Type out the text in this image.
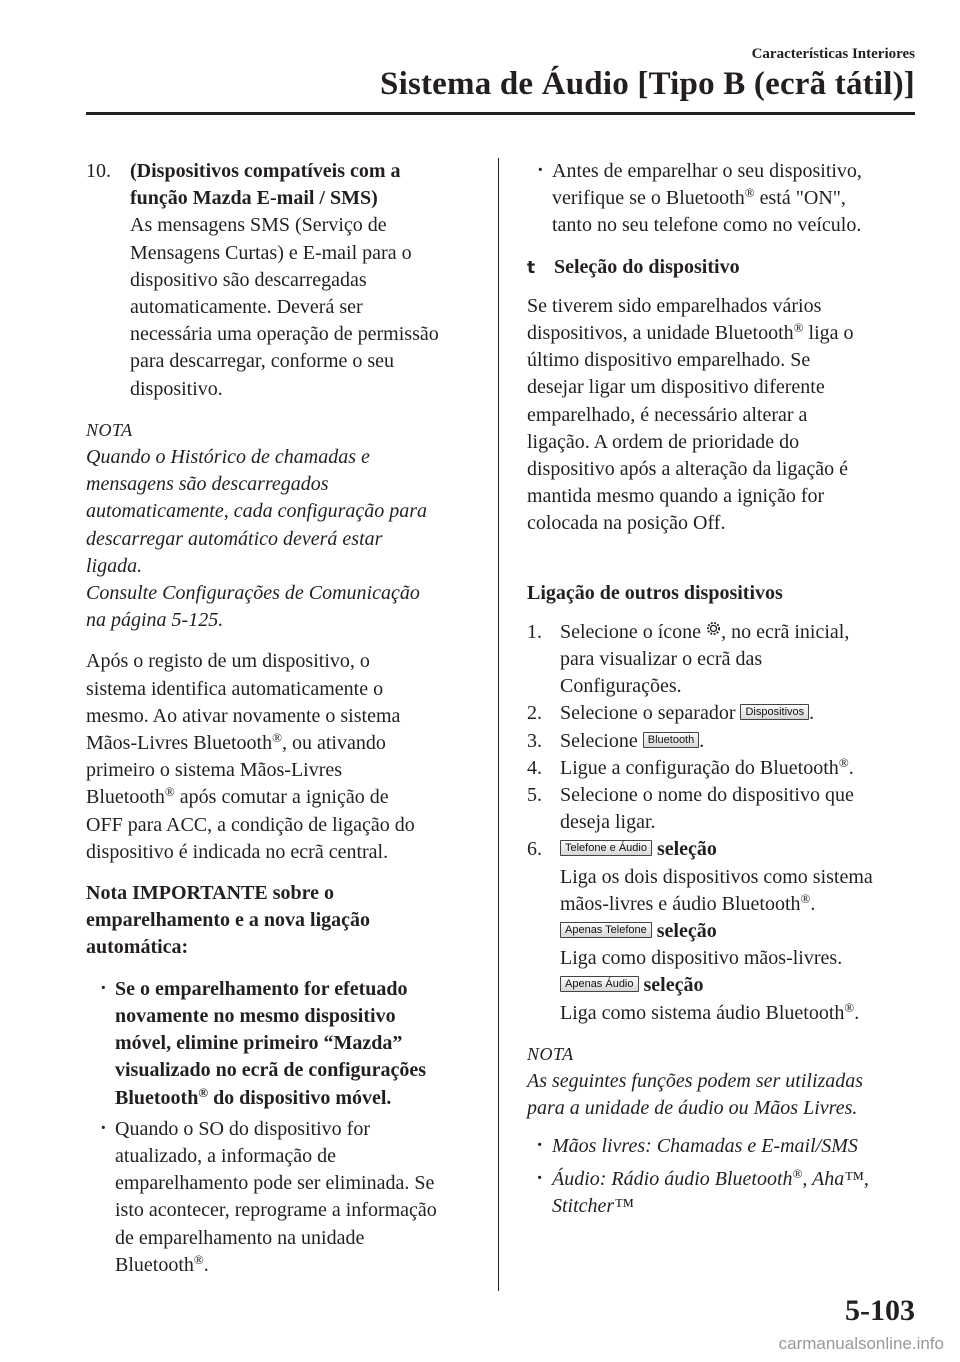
Características Interiores
Sistema de Áudio [Tipo B (ecrã tátil)]
10. (Dispositivos compatíveis com a
função Mazda E-mail / SMS)

As mensagens SMS (Serviço de
Mensagens Curtas) e E-mail para o
dispositivo são descarregadas
automaticamente. Deverá ser
necessária uma operação de permissão
para descarregar, conforme o seu
dispositivo.

NOTA

Quando o Histórico de chamadas e
mensagens são descarregados
automaticamente, cada configuração para
descarregar automático deverá estar
ligada.
Consulte Configurações de Comunicação
na página 5-125.

Após o registo de um dispositivo, o
sistema identifica automaticamente o
mesmo. Ao ativar novamente o sistema
Mãos-Livres Bluetooth®, ou ativando
primeiro o sistema Mãos-Livres
Bluetooth® após comutar a ignição de
OFF para ACC, a condição de ligação do
dispositivo é indicada no ecrã central.

Nota IMPORTANTE sobre o
emparelhamento e a nova ligação
automática:

· Se o emparelhamento for efetuado
novamente no mesmo dispositivo
móvel, elimine primeiro “Mazda”
visualizado no ecrã de configurações
Bluetooth® do dispositivo móvel.

· Quando o SO do dispositivo for
atualizado, a informação de
emparelhamento pode ser eliminada. Se
isto acontecer, reprograme a informação
de emparelhamento na unidade
Bluetooth®.

· Antes de emparelhar o seu dispositivo,
verifique se o Bluetooth® está "ON",
tanto no seu telefone como no veículo.

t Seleção do dispositivo

Se tiverem sido emparelhados vários
dispositivos, a unidade Bluetooth® liga o
último dispositivo emparelhado. Se
desejar ligar um dispositivo diferente
emparelhado, é necessário alterar a
ligação. A ordem de prioridade do
dispositivo após a alteração da ligação é
mantida mesmo quando a ignição for
colocada na posição Off.

Ligação de outros dispositivos

1. Selecione o ícone , no ecrã inicial,
para visualizar o ecrã das
Configurações.
2. Selecione o separador Dispositivos .
3. Selecione Bluetooth .
4. Ligue a configuração do Bluetooth®.
5. Selecione o nome do dispositivo que
deseja ligar.
6. Telefone e Áudio seleção
Liga os dois dispositivos como sistema
mãos-livres e áudio Bluetooth®.
Apenas Telefone seleção
Liga como dispositivo mãos-livres.
Apenas Áudio seleção
Liga como sistema áudio Bluetooth®.

NOTA

As seguintes funções podem ser utilizadas
para a unidade de áudio ou Mãos Livres.

· Mãos livres: Chamadas e E-mail/SMS

· Áudio: Rádio áudio Bluetooth®, Aha™,
Stitcher™

5-103
carmanualsonline.info
